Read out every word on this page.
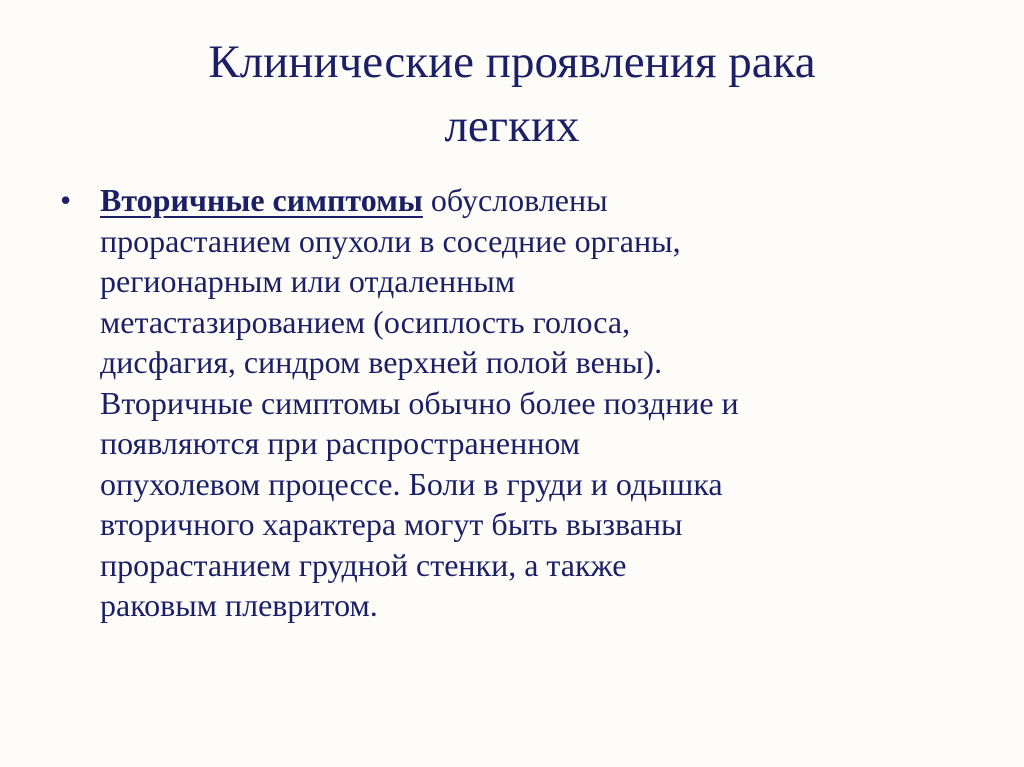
Клинические проявления рака
легких
• Вторичные симптомы обусловлены
прорастанием опухоли в соседние органы,
регионарным или отдаленным
метастазированием (осиплость голоса,
дисфагия, синдром верхней полой вены).
Вторичные симптомы обычно более поздние и
появляются при распространенном
опухолевом процессе. Боли в груди и одышка
вторичного характера могут быть вызваны
прорастанием грудной стенки, а также
раковым плевритом.
